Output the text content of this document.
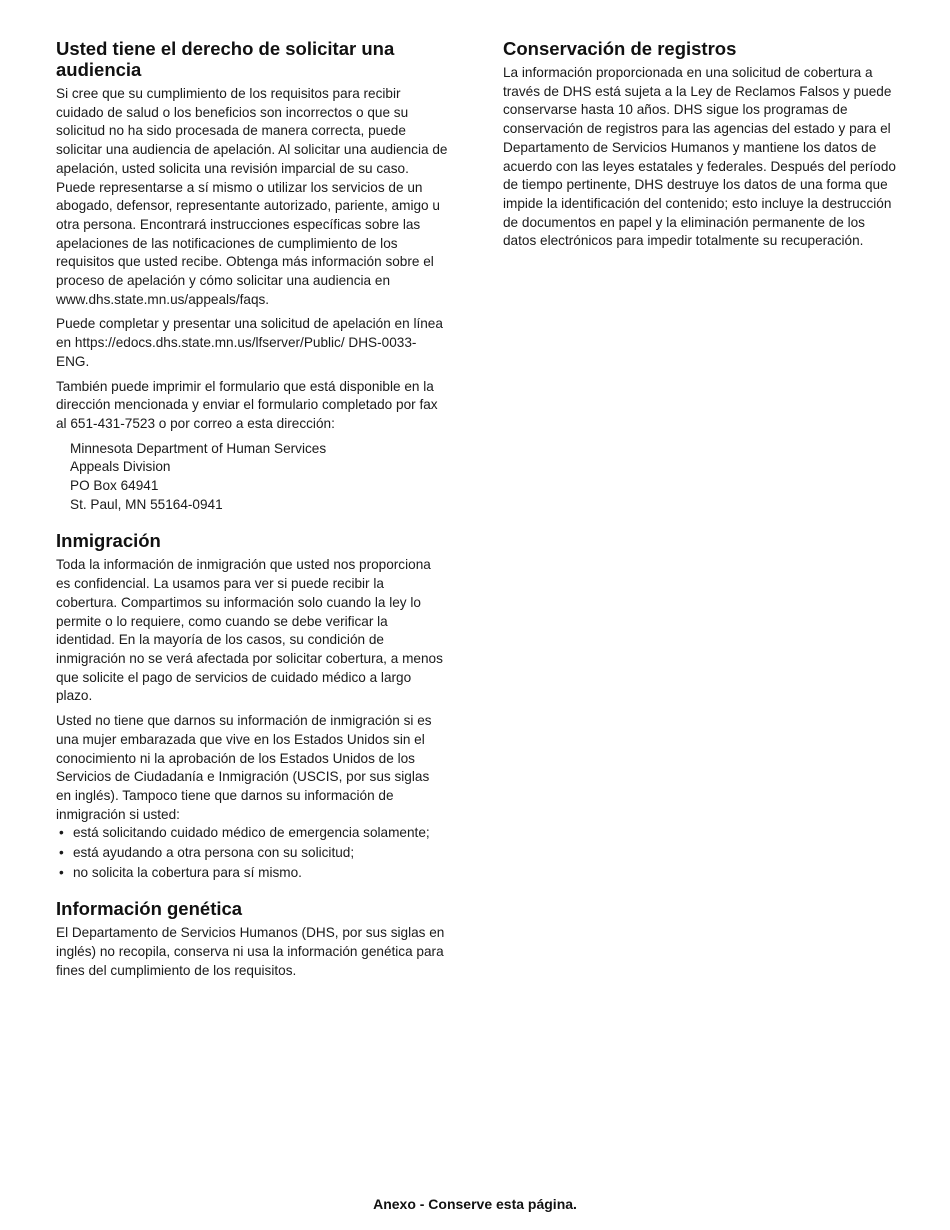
Usted tiene el derecho de solicitar una audiencia

Si cree que su cumplimiento de los requisitos para recibir cuidado de salud o los beneficios son incorrectos o que su solicitud no ha sido procesada de manera correcta, puede solicitar una audiencia de apelación. Al solicitar una audiencia de apelación, usted solicita una revisión imparcial de su caso. Puede representarse a sí mismo o utilizar los servicios de un abogado, defensor, representante autorizado, pariente, amigo u otra persona. Encontrará instrucciones específicas sobre las apelaciones de las notificaciones de cumplimiento de los requisitos que usted recibe. Obtenga más información sobre el proceso de apelación y cómo solicitar una audiencia en www.dhs.state.mn.us/appeals/faqs.

Puede completar y presentar una solicitud de apelación en línea en https://edocs.dhs.state.mn.us/lfserver/Public/ DHS-0033-ENG.

También puede imprimir el formulario que está disponible en la dirección mencionada y enviar el formulario completado por fax al 651-431-7523 o por correo a esta dirección:

Minnesota Department of Human Services
Appeals Division
PO Box 64941
St. Paul, MN 55164-0941
Inmigración

Toda la información de inmigración que usted nos proporciona es confidencial. La usamos para ver si puede recibir la cobertura. Compartimos su información solo cuando la ley lo permite o lo requiere, como cuando se debe verificar la identidad. En la mayoría de los casos, su condición de inmigración no se verá afectada por solicitar cobertura, a menos que solicite el pago de servicios de cuidado médico a largo plazo.

Usted no tiene que darnos su información de inmigración si es una mujer embarazada que vive en los Estados Unidos sin el conocimiento ni la aprobación de los Estados Unidos de los Servicios de Ciudadanía e Inmigración (USCIS, por sus siglas en inglés). Tampoco tiene que darnos su información de inmigración si usted:

• está solicitando cuidado médico de emergencia solamente;
• está ayudando a otra persona con su solicitud;
• no solicita la cobertura para sí mismo.
Información genética

El Departamento de Servicios Humanos (DHS, por sus siglas en inglés) no recopila, conserva ni usa la información genética para fines del cumplimiento de los requisitos.

Conservación de registros

La información proporcionada en una solicitud de cobertura a través de DHS está sujeta a la Ley de Reclamos Falsos y puede conservarse hasta 10 años. DHS sigue los programas de conservación de registros para las agencias del estado y para el Departamento de Servicios Humanos y mantiene los datos de acuerdo con las leyes estatales y federales. Después del período de tiempo pertinente, DHS destruye los datos de una forma que impide la identificación del contenido; esto incluye la destrucción de documentos en papel y la eliminación permanente de los datos electrónicos para impedir totalmente su recuperación.

Anexo - Conserve esta página.
